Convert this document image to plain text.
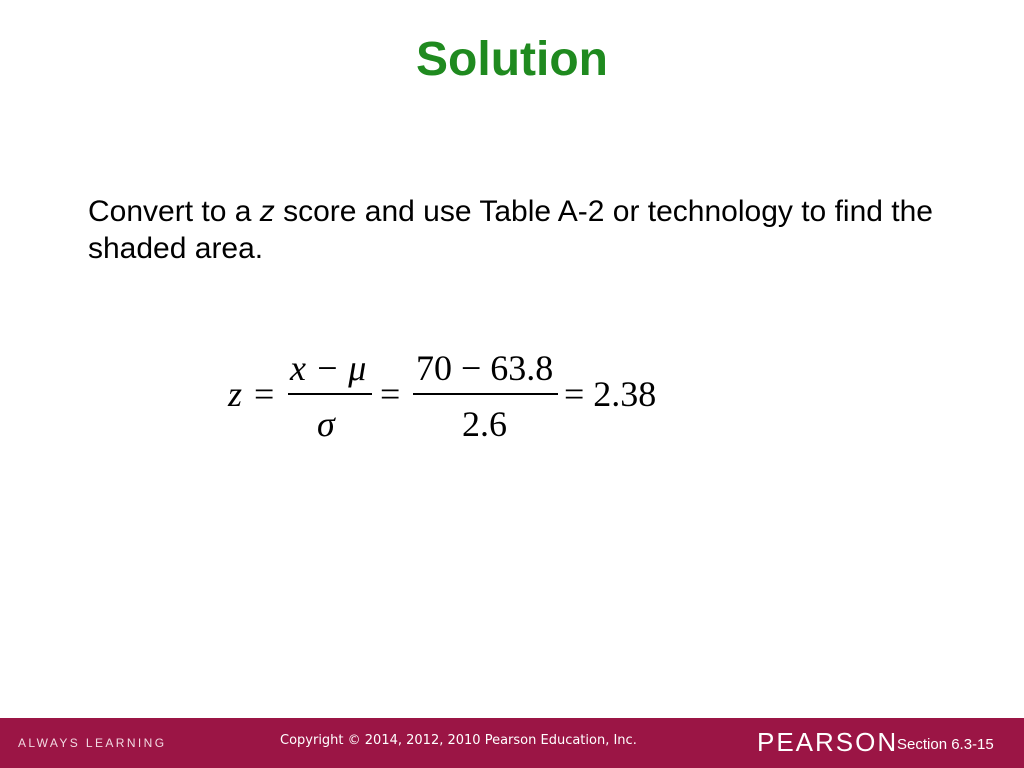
Solution
Convert to a z score and use Table A-2 or technology to find the shaded area.
z =
x − μ
σ
=
70 − 63.8
2.6
= 2.38
ALWAYS LEARNING	Copyright © 2014, 2012, 2010 Pearson Education, Inc.	PEARSON
Section 6.3-15
